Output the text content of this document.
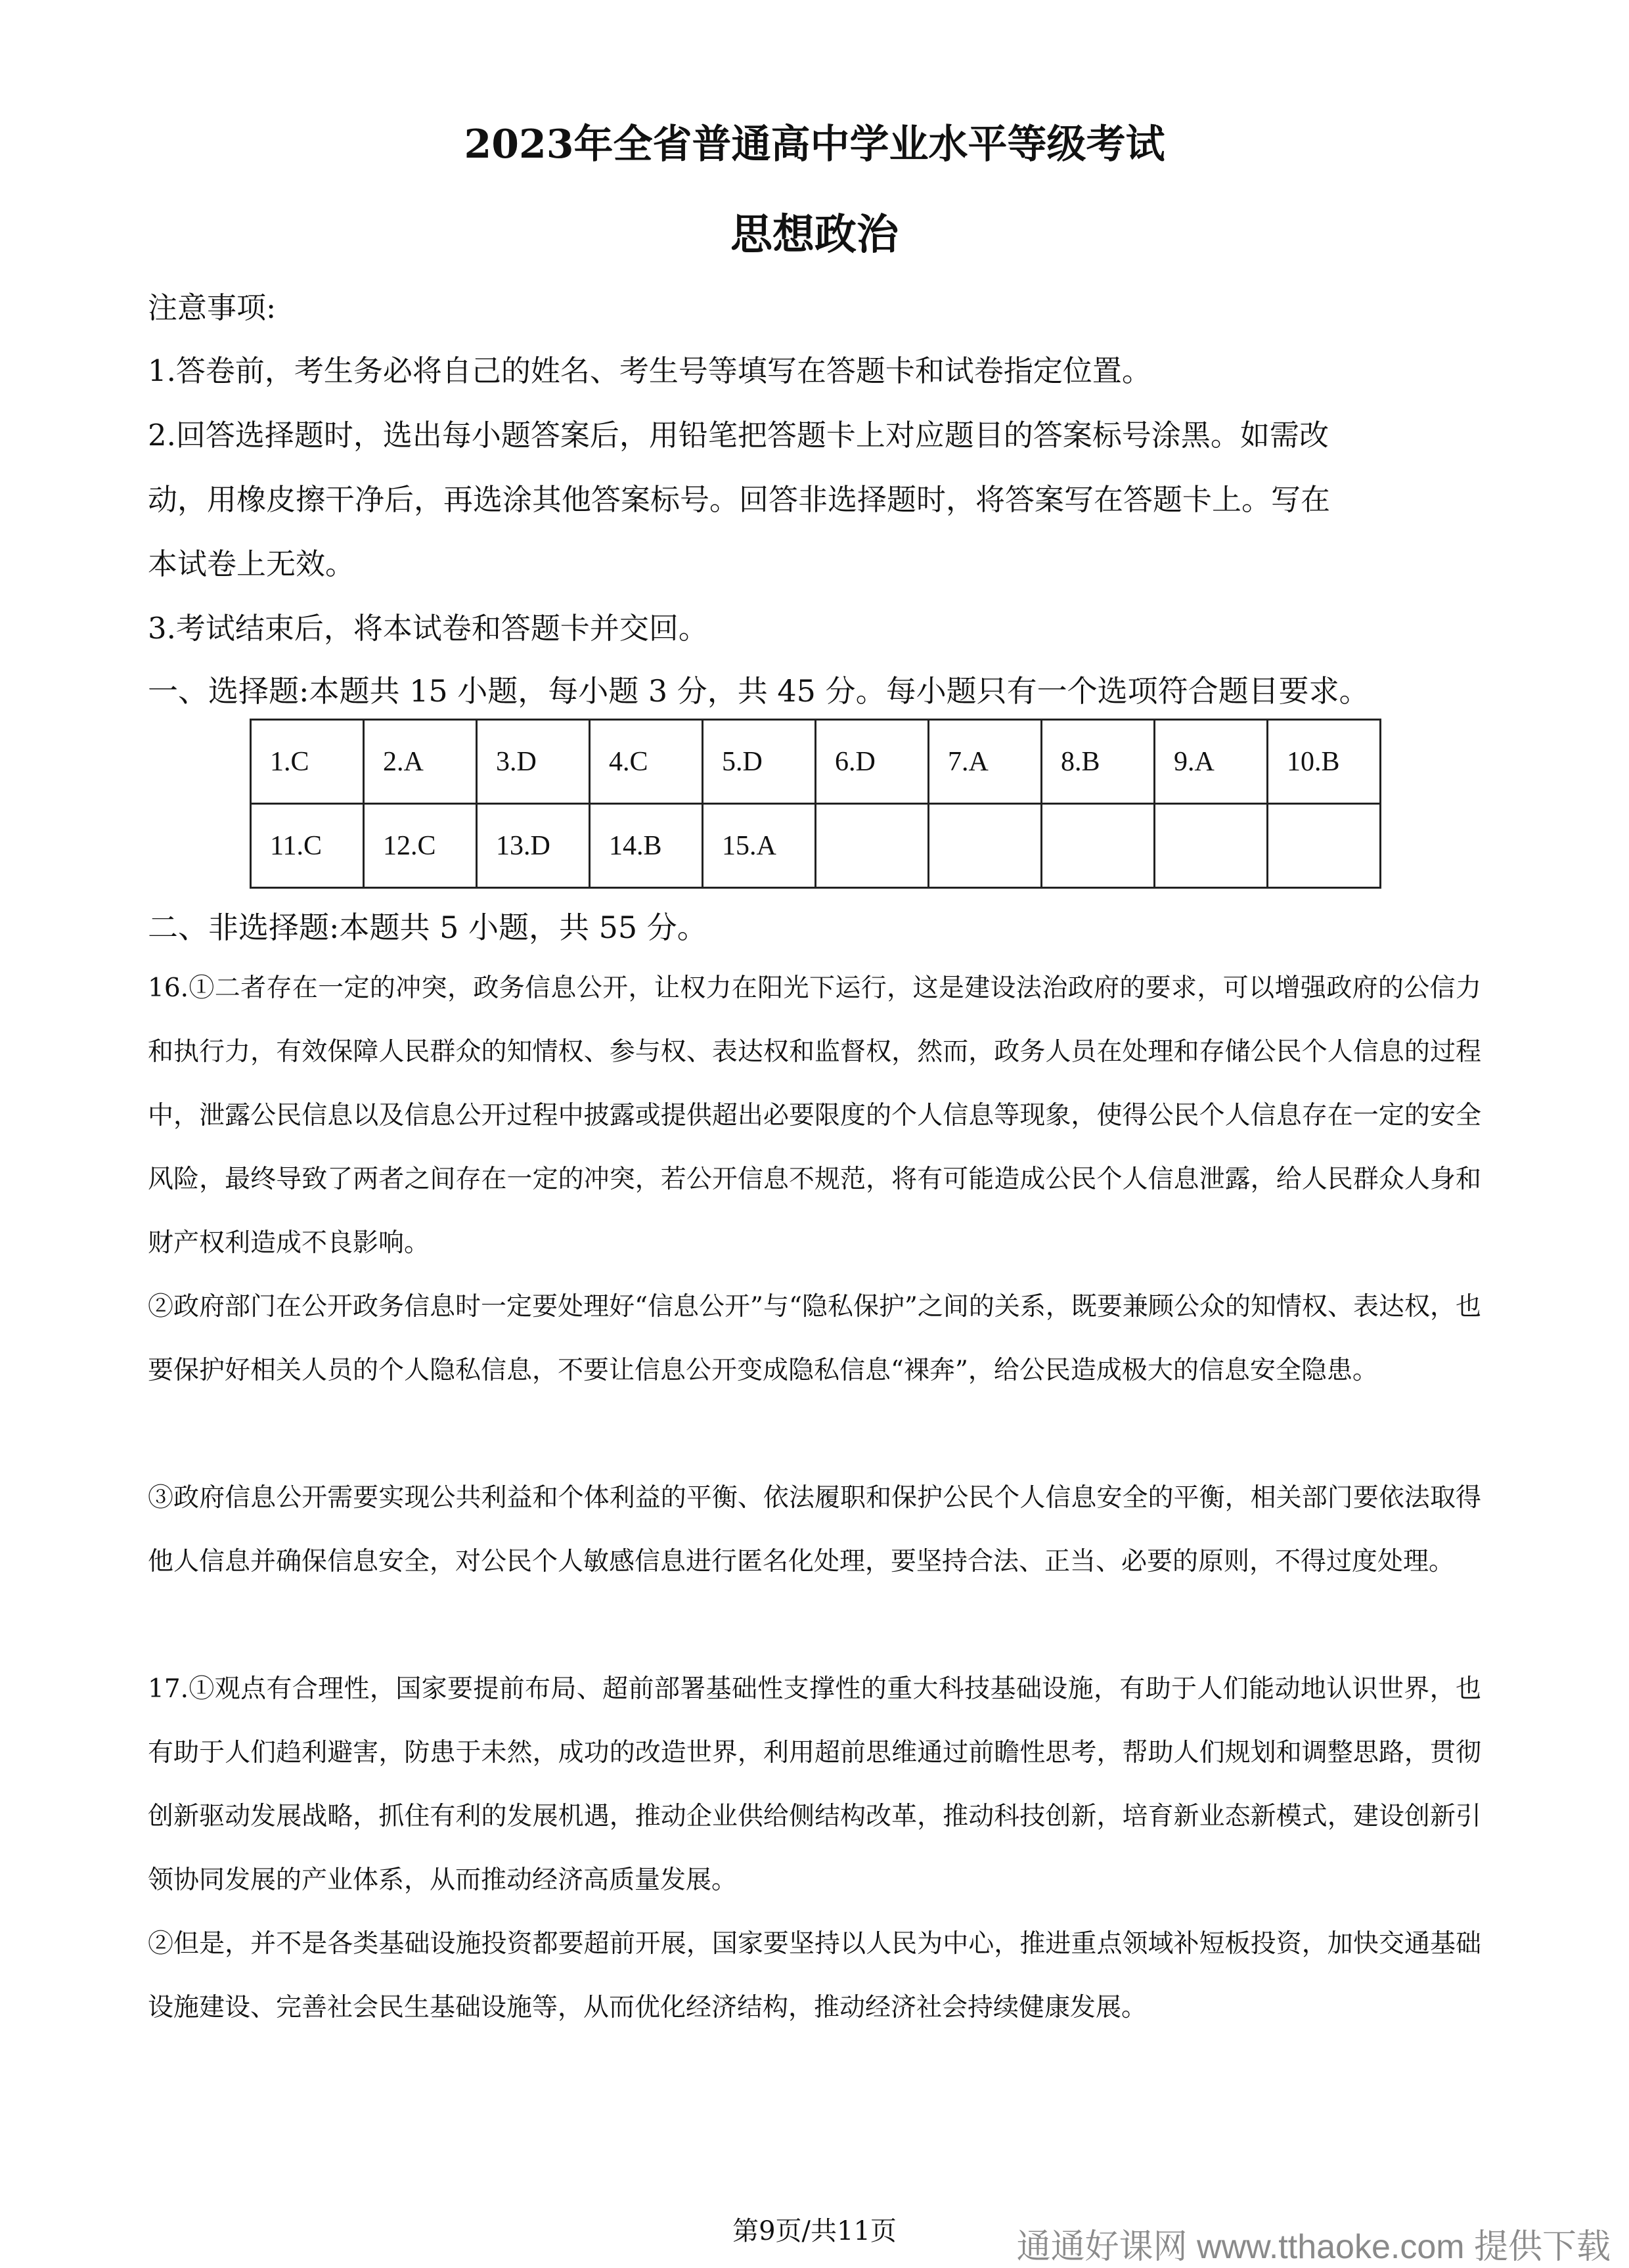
2023年全省普通高中学业水平等级考试
思想政治
注意事项:
1.答卷前，考生务必将自己的姓名、考生号等填写在答题卡和试卷指定位置。
2.回答选择题时，选出每小题答案后，用铅笔把答题卡上对应题目的答案标号涂黑。如需改
动，用橡皮擦干净后，再选涂其他答案标号。回答非选择题时，将答案写在答题卡上。写在
本试卷上无效。
3.考试结束后，将本试卷和答题卡并交回。
一、选择题:本题共 15 小题，每小题 3 分，共 45 分。每小题只有一个选项符合题目要求。
1.C	2.A	3.D	4.C	5.D	6.D	7.A	8.B	9.A	10.B
11.C	12.C	13.D	14.B	15.A					
二、非选择题:本题共 5 小题，共 55 分。

16.①二者存在一定的冲突，政务信息公开，让权力在阳光下运行，这是建设法治政府的要求，可以增强政府的公信力和执行力，有效保障人民群众的知情权、参与权、表达权和监督权，然而，政务人员在处理和存储公民个人信息的过程中，泄露公民信息以及信息公开过程中披露或提供超出必要限度的个人信息等现象，使得公民个人信息存在一定的安全风险，最终导致了两者之间存在一定的冲突，若公开信息不规范，将有可能造成公民个人信息泄露，给人民群众人身和财产权利造成不良影响。

②政府部门在公开政务信息时一定要处理好“信息公开”与“隐私保护”之间的关系，既要兼顾公众的知情权、表达权，也要保护好相关人员的个人隐私信息，不要让信息公开变成隐私信息“裸奔”，给公民造成极大的信息安全隐患。

③政府信息公开需要实现公共利益和个体利益的平衡、依法履职和保护公民个人信息安全的平衡，相关部门要依法取得他人信息并确保信息安全，对公民个人敏感信息进行匿名化处理，要坚持合法、正当、必要的原则，不得过度处理。

17.①观点有合理性，国家要提前布局、超前部署基础性支撑性的重大科技基础设施，有助于人们能动地认识世界，也有助于人们趋利避害，防患于未然，成功的改造世界，利用超前思维通过前瞻性思考，帮助人们规划和调整思路，贯彻创新驱动发展战略，抓住有利的发展机遇，推动企业供给侧结构改革，推动科技创新，培育新业态新模式，建设创新引领协同发展的产业体系，从而推动经济高质量发展。

②但是，并不是各类基础设施投资都要超前开展，国家要坚持以人民为中心，推进重点领域补短板投资，加快交通基础设施建设、完善社会民生基础设施等，从而优化经济结构，推动经济社会持续健康发展。

第9页/共11页	通通好课网 www.tthaoke.com 提供下载
